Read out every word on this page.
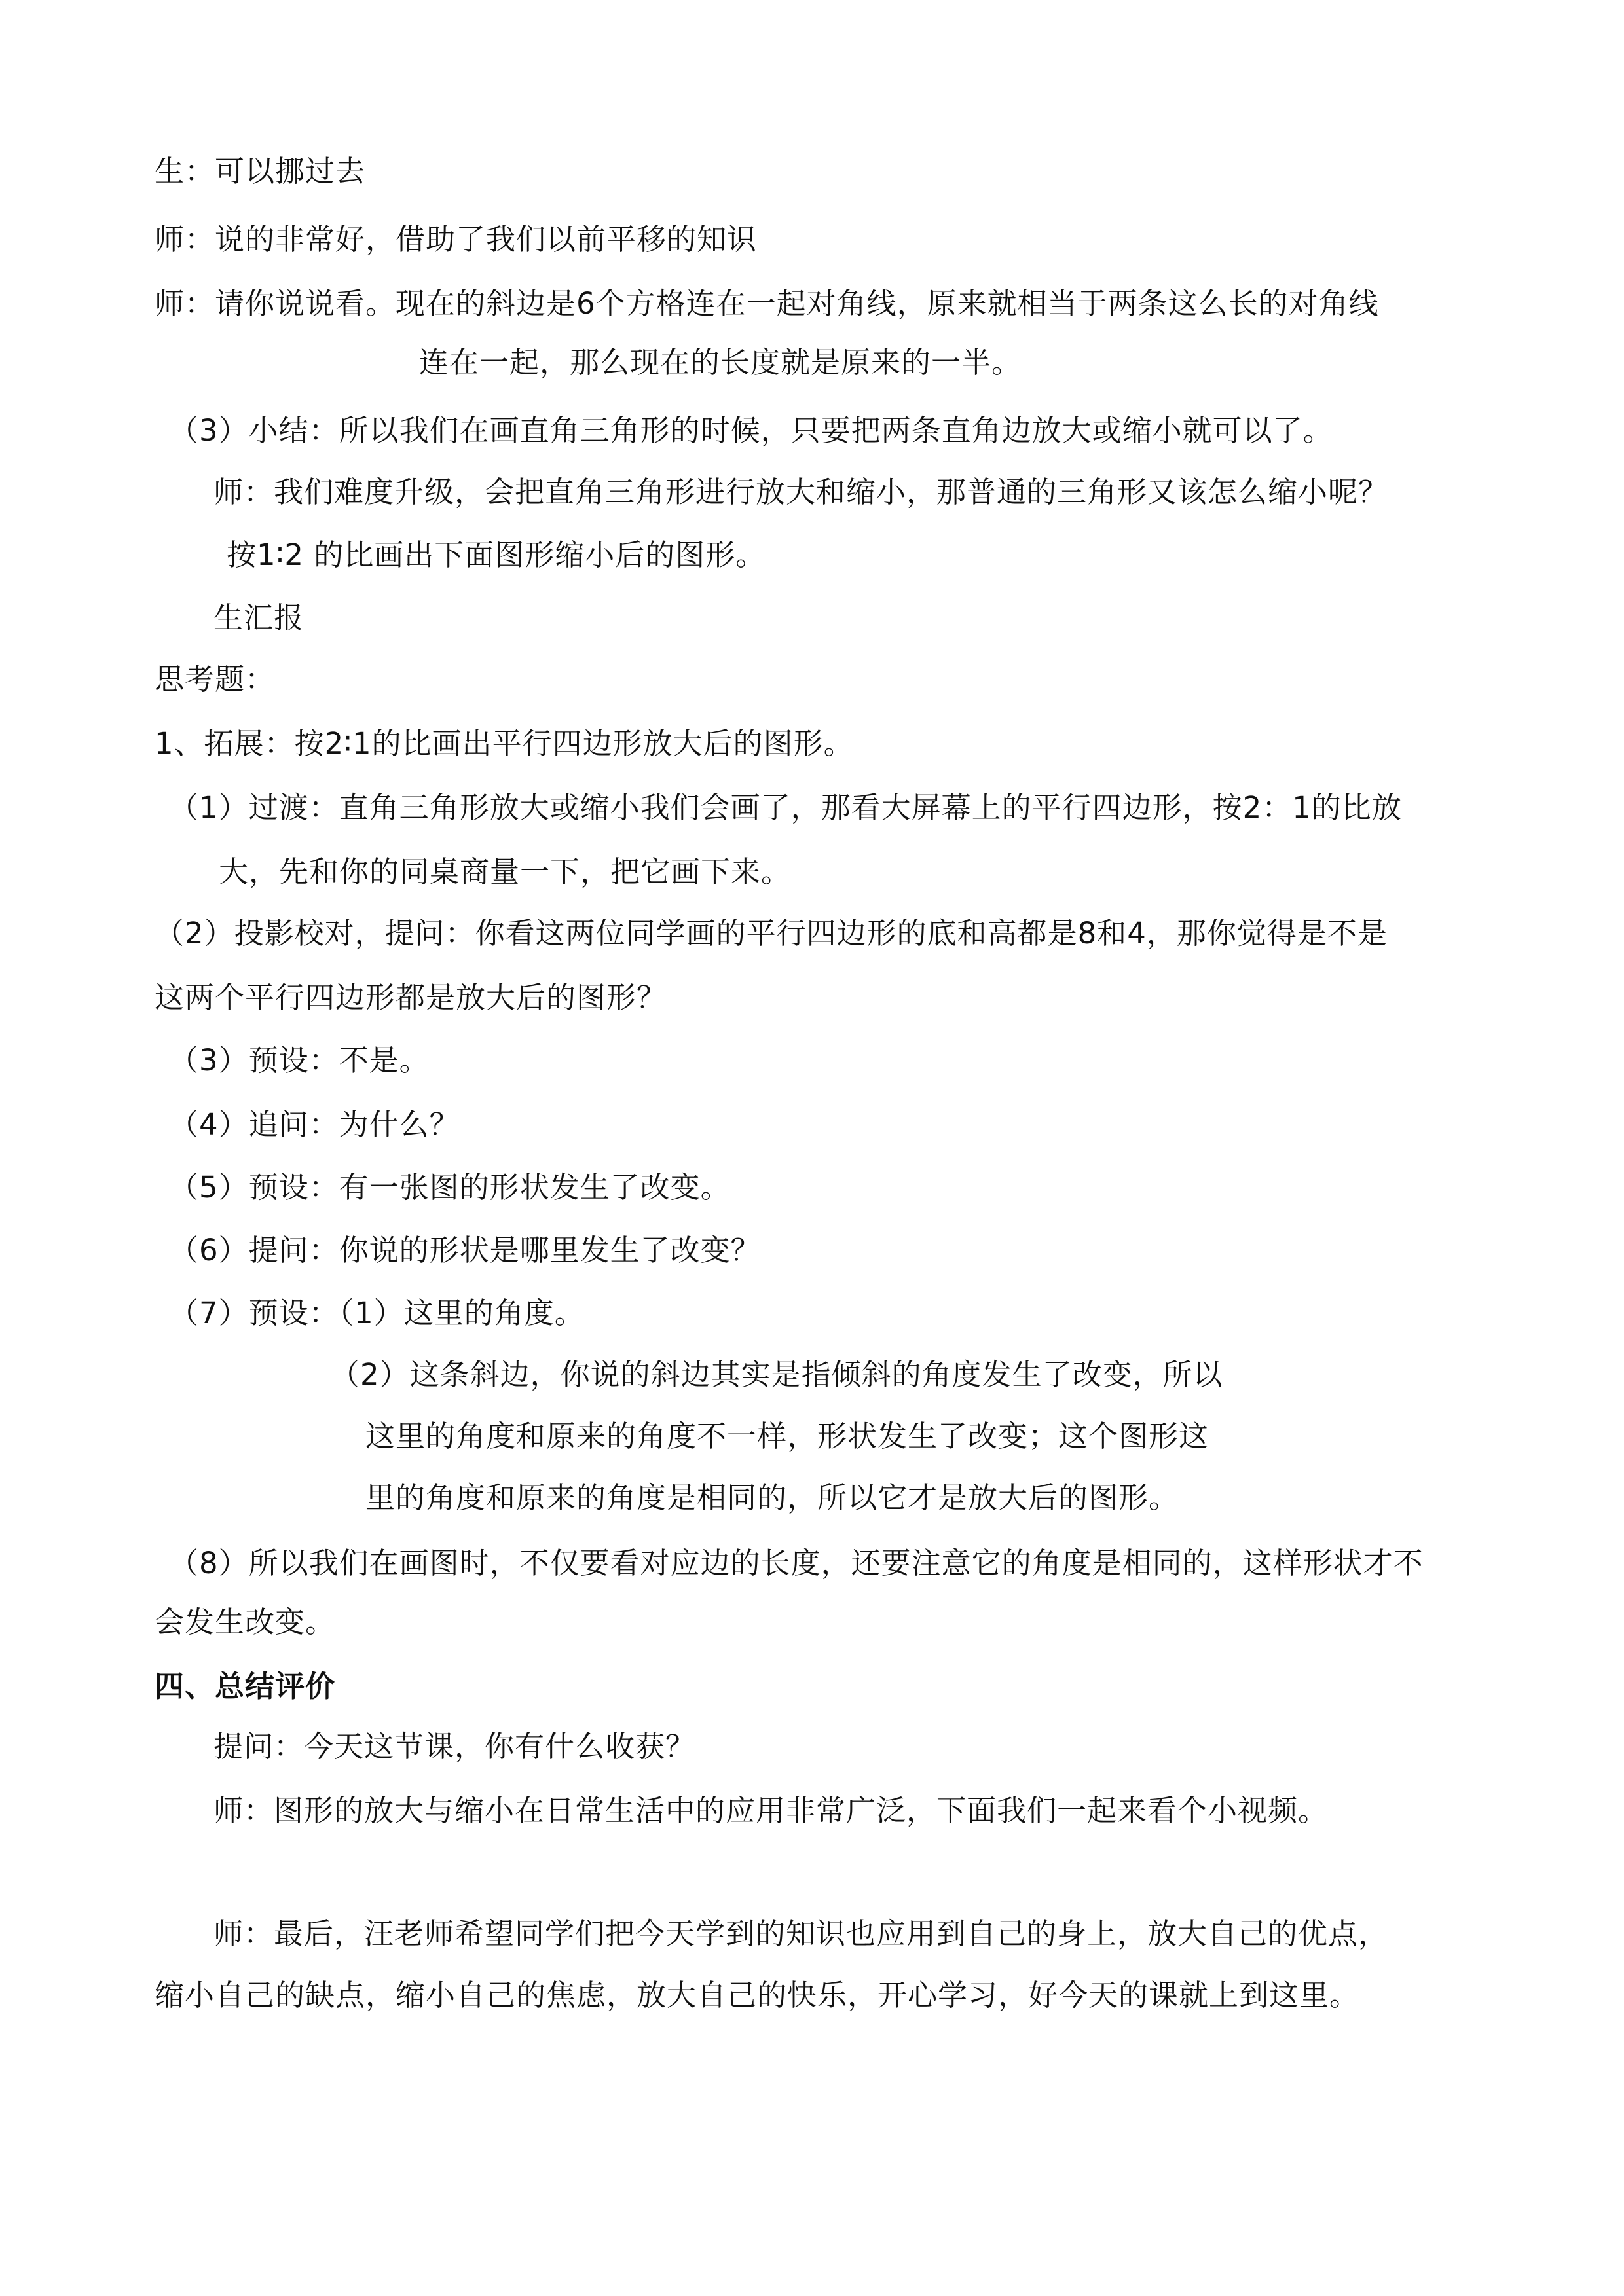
生：可以挪过去
师：说的非常好，借助了我们以前平移的知识
师：请你说说看。现在的斜边是6个方格连在一起对角线，原来就相当于两条这么长的对角线
连在一起，那么现在的长度就是原来的一半。
（3）小结：所以我们在画直角三角形的时候，只要把两条直角边放大或缩小就可以了。
师：我们难度升级，会把直角三角形进行放大和缩小，那普通的三角形又该怎么缩小呢？
按1∶2 的比画出下面图形缩小后的图形。
生汇报
思考题：
1、拓展：按2∶1的比画出平行四边形放大后的图形。
（1）过渡：直角三角形放大或缩小我们会画了，那看大屏幕上的平行四边形，按2：1的比放
大，先和你的同桌商量一下，把它画下来。
（2）投影校对，提问：你看这两位同学画的平行四边形的底和高都是8和4，那你觉得是不是
这两个平行四边形都是放大后的图形？
（3）预设：不是。
（4）追问：为什么？
（5）预设：有一张图的形状发生了改变。
（6）提问：你说的形状是哪里发生了改变？
（7）预设：（1）这里的角度。
（2）这条斜边，你说的斜边其实是指倾斜的角度发生了改变，所以
这里的角度和原来的角度不一样，形状发生了改变；这个图形这
里的角度和原来的角度是相同的，所以它才是放大后的图形。
（8）所以我们在画图时，不仅要看对应边的长度，还要注意它的角度是相同的，这样形状才不
会发生改变。
四、总结评价
提问：今天这节课，你有什么收获？
师：图形的放大与缩小在日常生活中的应用非常广泛，下面我们一起来看个小视频。
师：最后，汪老师希望同学们把今天学到的知识也应用到自己的身上，放大自己的优点，
缩小自己的缺点，缩小自己的焦虑，放大自己的快乐，开心学习，好今天的课就上到这里。
